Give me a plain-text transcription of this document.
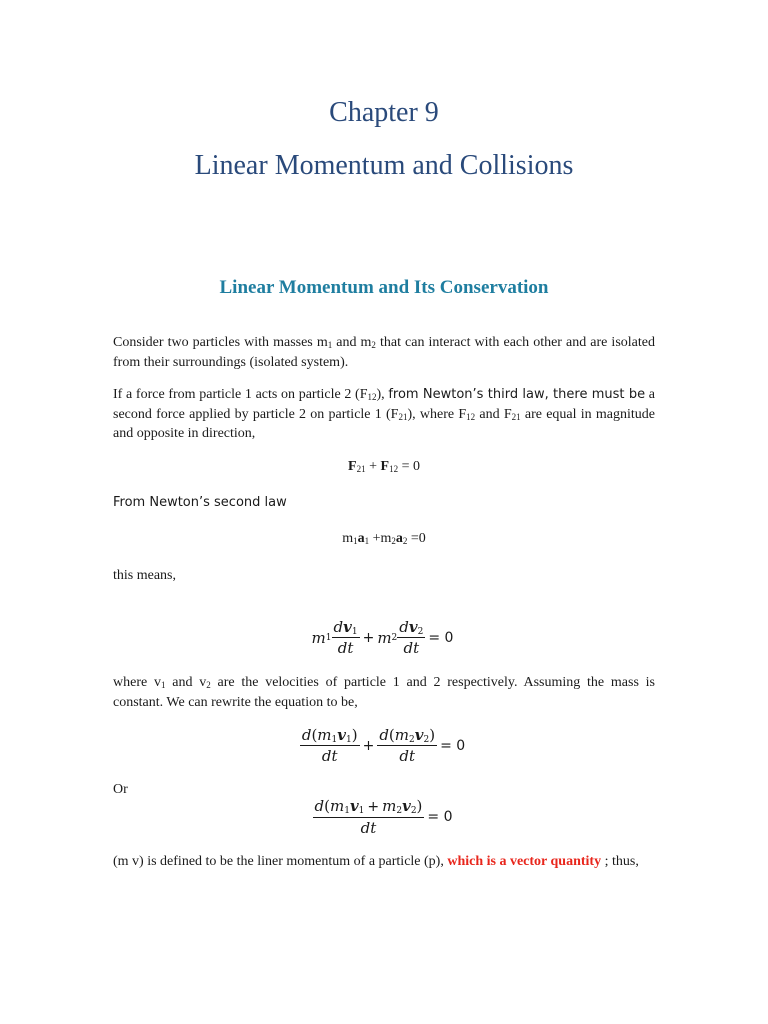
Chapter 9
Linear Momentum and Collisions
Linear Momentum and Its Conservation
Consider two particles with masses $m_1$ and $m_2$ that can interact with each other and are isolated from their surroundings (isolated system).
If a force from particle 1 acts on particle 2 $(F_{12})$, from Newton’s third law, there must be a second force applied by particle 2 on particle 1 $(F_{21})$, where $F_{12}$ and $F_{21}$ are equal in magnitude and opposite in direction,
$F_{21} + F_{12} = 0$
From Newton’s second law
$m_1a_1 +m_2a_2 =0$
this means,
m $1 \frac{dv_1}{dt} + m$ $2 \frac{dv_2}{dt} = 0$
where $v_1$ and $v_2$ are the velocities of particle 1 and 2 respectively. Assuming the mass is constant. We can rewrite the equation to be,
$\frac{d(m_1v_1)}{dt} + \frac{d(m_2v_2)}{dt} = 0$
Or
$\frac{d(m_1v_1 + m_2v_2)}{dt} = 0$
(m v) is defined to be the liner momentum of a particle (p), which is a vector quantity ; thus,
